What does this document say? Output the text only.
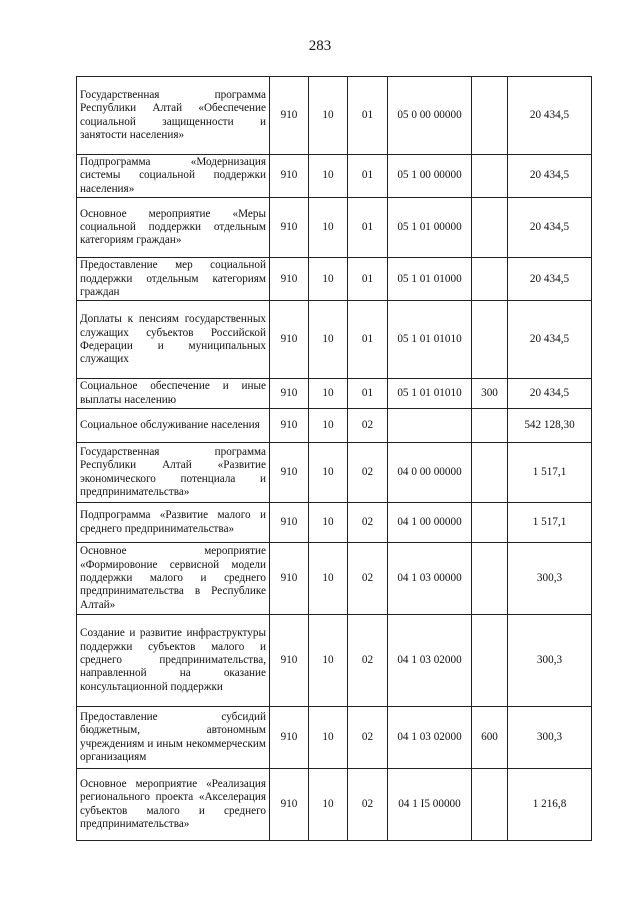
283
Государственная программа Республики Алтай «Обеспечение социальной защищенности и занятости населения»	910	10	01	05 0 00 00000		20 434,5
Подпрограмма «Модернизация системы социальной поддержки населения»	910	10	01	05 1 00 00000		20 434,5
Основное мероприятие «Меры социальной поддержки отдельным категориям граждан»	910	10	01	05 1 01 00000		20 434,5
Предоставление мер социальной поддержки отдельным категориям граждан	910	10	01	05 1 01 01000		20 434,5
Доплаты к пенсиям государственных служащих субъектов Российской Федерации и муниципальных служащих	910	10	01	05 1 01 01010		20 434,5
Социальное обеспечение и иные выплаты населению	910	10	01	05 1 01 01010	300	20 434,5
Социальное обслуживание населения	910	10	02			542 128,30
Государственная программа Республики Алтай «Развитие экономического потенциала и предпринимательства»	910	10	02	04 0 00 00000		1 517,1
Подпрограмма «Развитие малого и среднего предпринимательства»	910	10	02	04 1 00 00000		1 517,1
Основное мероприятие «Формировоние сервисной модели поддержки малого и среднего предпринимательства в Республике Алтай»	910	10	02	04 1 03 00000		300,3
Создание и развитие инфраструктуры поддержки субъектов малого и среднего предпринимательства, направленной на оказание консультационной поддержки	910	10	02	04 1 03 02000		300,3
Предоставление субсидий бюджетным, автономным учреждениям и иным некоммерческим организациям	910	10	02	04 1 03 02000	600	300,3
Основное мероприятие «Реализация регионального проекта «Акселерация субъектов малого и среднего предпринимательства»	910	10	02	04 1 I5 00000		1 216,8
